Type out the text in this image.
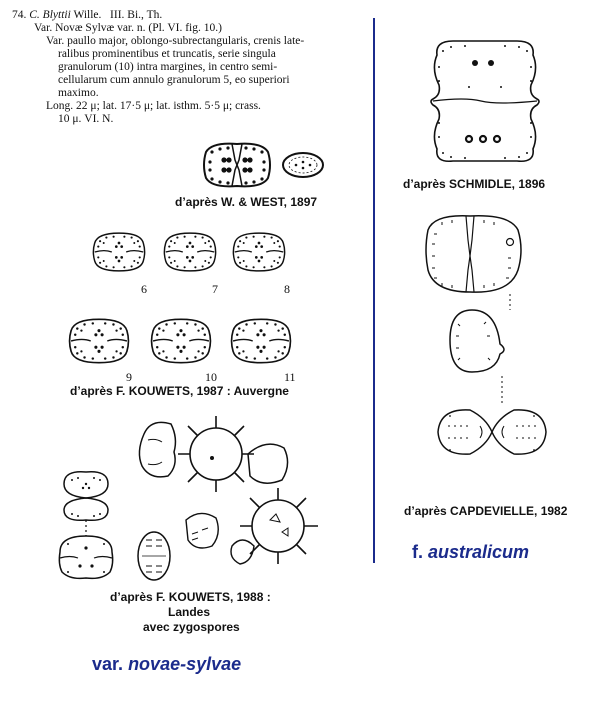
74. C. Blyttii Wille. III. Bi., Th.

Var. Novæ Sylvæ var. n. (Pl. VI. fig. 10.)

Var. paullo major, oblongo-subrectangularis, crenis late-

ralibus prominentibus et truncatis, serie singula

granulorum (10) intra margines, in centro semi-

cellularum cum annulo granulorum 5, eo superiori

maximo.

Long. 22 μ; lat. 17·5 μ; lat. isthm. 5·5 μ; crass.

10 μ. VI. N.

d’après W. & WEST, 1897
6	7	8
9	10	11
d’après F. KOUWETS, 1987 : Auvergne
d’après F. KOUWETS, 1988 :
Landes
avec zygospores
var. novae-sylvae
d’après SCHMIDLE, 1896
d’après CAPDEVIELLE, 1982
f. australicum
